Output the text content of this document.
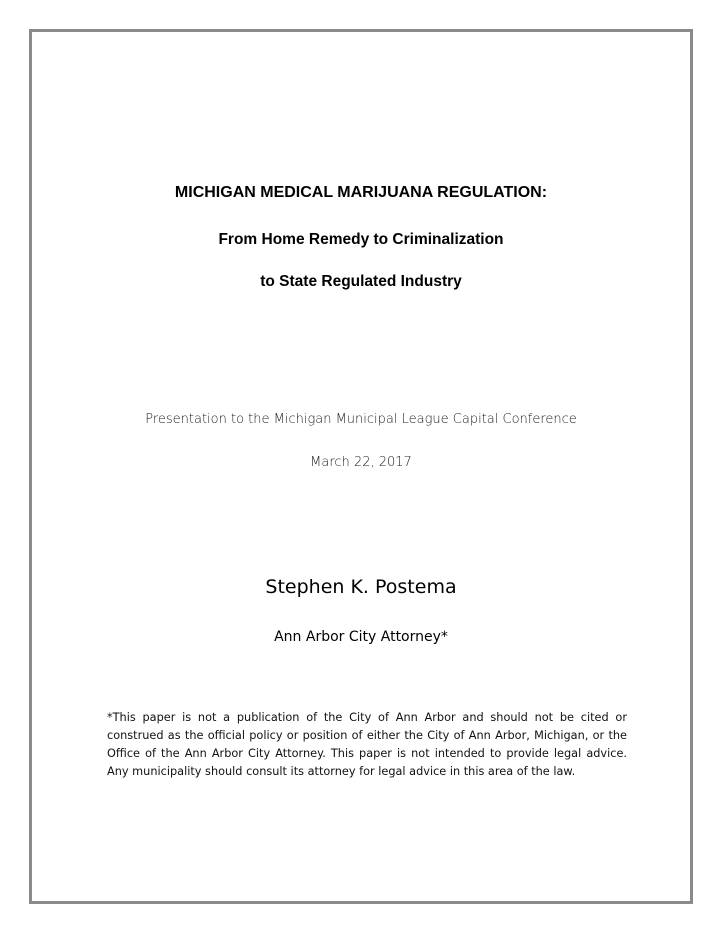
MICHIGAN MEDICAL MARIJUANA REGULATION:
From Home Remedy to Criminalization
to State Regulated Industry
Presentation to the Michigan Municipal League Capital Conference
March 22, 2017
Stephen K. Postema
Ann Arbor City Attorney*
*This paper is not a publication of the City of Ann Arbor and should not be cited or construed as the official policy or position of either the City of Ann Arbor, Michigan, or the Office of the Ann Arbor City Attorney. This paper is not intended to provide legal advice. Any municipality should consult its attorney for legal advice in this area of the law.
